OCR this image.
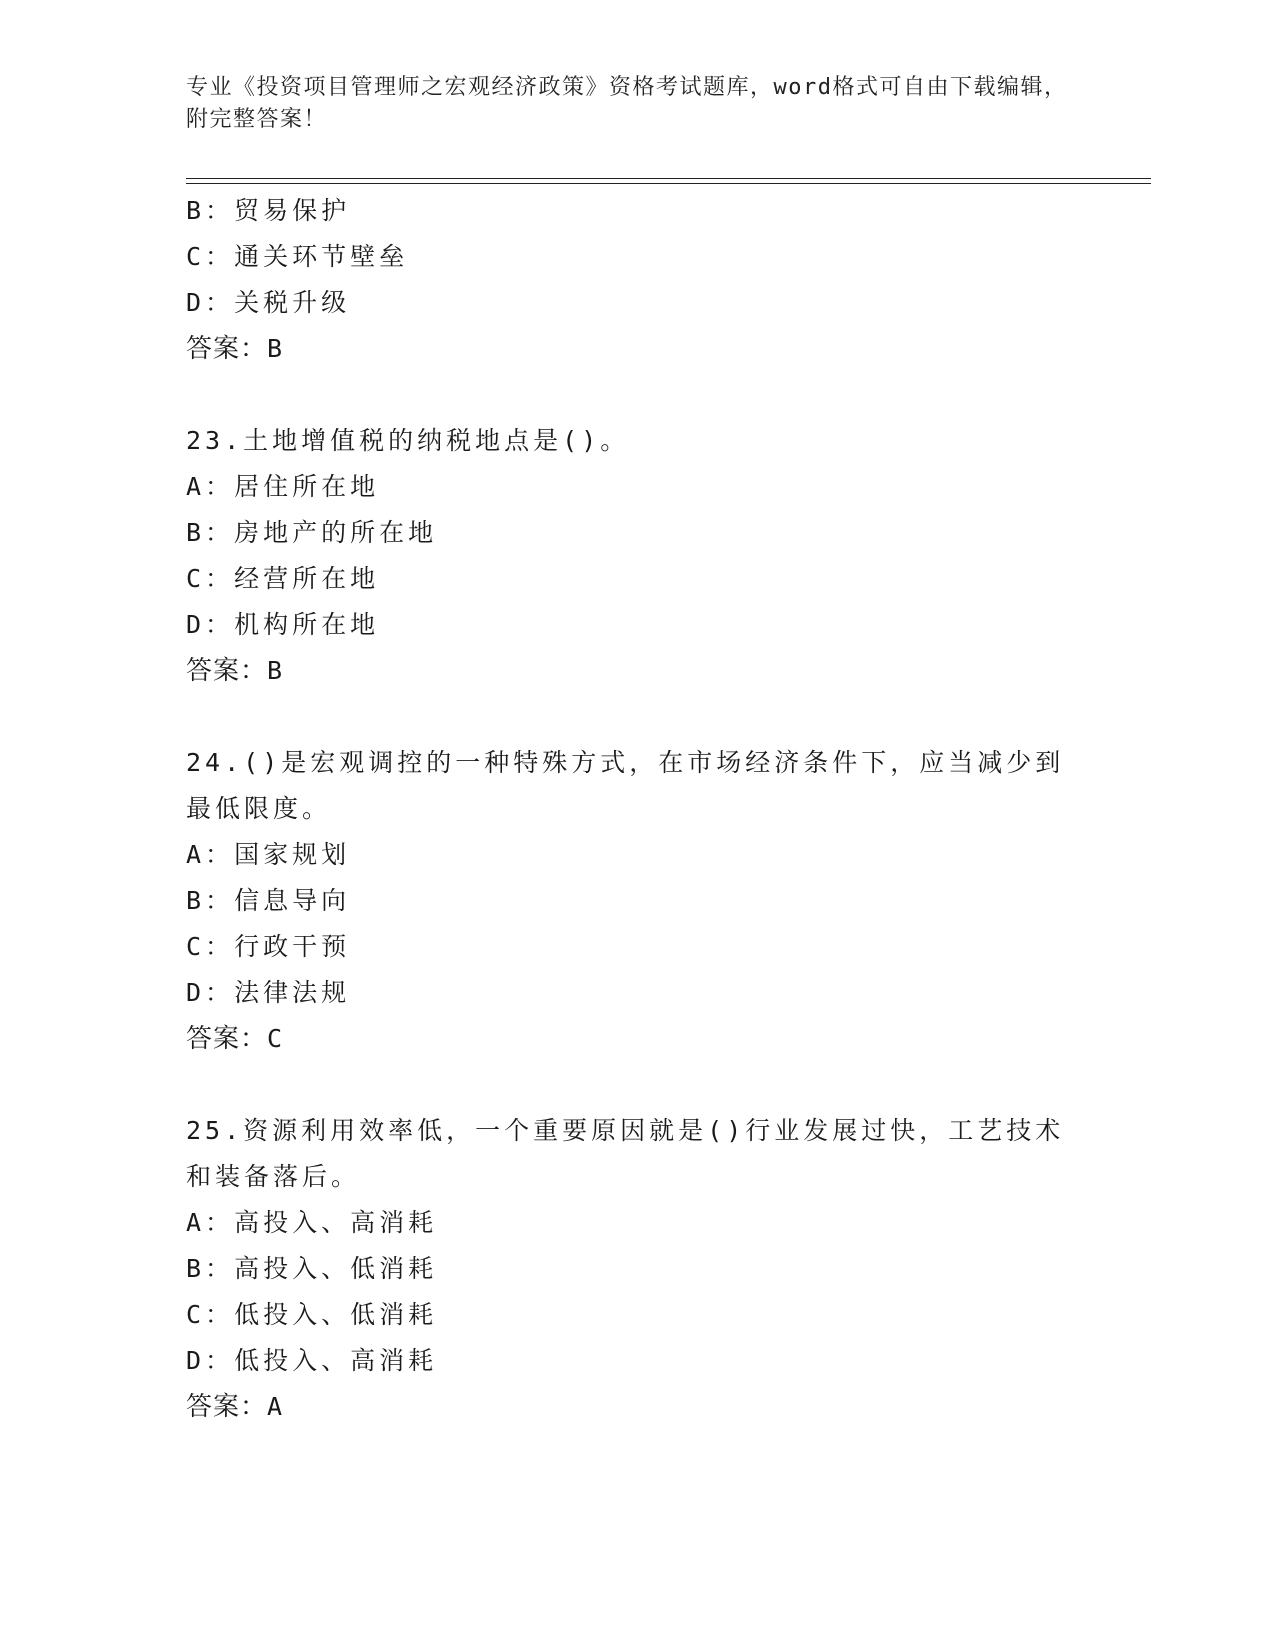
专业《投资项目管理师之宏观经济政策》资格考试题库，word格式可自由下载编辑，附完整答案！
B：贸易保护
C：通关环节壁垒
D：关税升级
答案：B
23.土地增值税的纳税地点是()。
A：居住所在地
B：房地产的所在地
C：经营所在地
D：机构所在地
答案：B
24.()是宏观调控的一种特殊方式，在市场经济条件下，应当减少到最低限度。
A：国家规划
B：信息导向
C：行政干预
D：法律法规
答案：C
25.资源利用效率低，一个重要原因就是()行业发展过快，工艺技术和装备落后。
A：高投入、高消耗
B：高投入、低消耗
C：低投入、低消耗
D：低投入、高消耗
答案：A
